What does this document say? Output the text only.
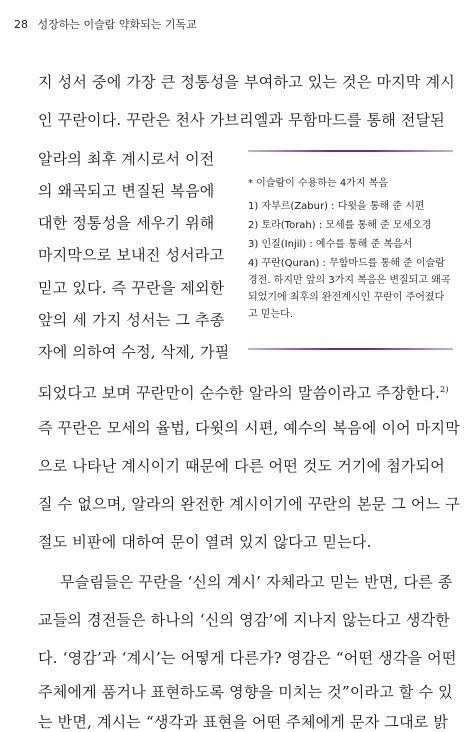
28 성장하는 이슬람 약화되는 기독교
지 성서 중에 가장 큰 정통성을 부여하고 있는 것은 마지막 계시
인 꾸란이다. 꾸란은 천사 가브리엘과 무함마드를 통해 전달된
알라의 최후 계시로서 이전
의 왜곡되고 변질된 복음에
대한 정통성을 세우기 위해
마지막으로 보내진 성서라고
믿고 있다. 즉 꾸란을 제외한
앞의 세 가지 성서는 그 추종
자에 의하여 수정, 삭제, 가필
되었다고 보며 꾸란만이 순수한 알라의 말씀이라고 주장한다.$^{2)}$
즉 꾸란은 모세의 율법, 다윗의 시편, 예수의 복음에 이어 마지막
으로 나타난 계시이기 때문에 다른 어떤 것도 거기에 첨가되어
질 수 없으며, 알라의 완전한 계시이기에 꾸란의 본문 그 어느 구
절도 비판에 대하여 문이 열려 있지 않다고 믿는다.
무슬림들은 꾸란을 ‘신의 계시’ 자체라고 믿는 반면, 다른 종
교들의 경전들은 하나의 ‘신의 영감’에 지나지 않는다고 생각한
다. ‘영감’과 ‘계시’는 어떻게 다른가? 영감은 “어떤 생각을 어떤
주체에게 품거나 표현하도록 영향을 미치는 것”이라고 할 수 있
는 반면, 계시는 “생각과 표현을 어떤 주체에게 문자 그대로 밝
* 이슬람이 수용하는 4가지 복음
1) 자부르(Zabur) : 다윗을 통해 준 시편
2) 토라(Torah) : 모세를 통해 준 모세오경
3) 인질(Injil) : 예수를 통해 준 복음서
4) 꾸란(Quran) : 무함마드를 통해 준 이슬람 경전. 하지만 앞의 3가지 복음은 변질되고 왜곡되었기에 최후의 완전계시인 꾸란이 주어졌다고 믿는다.
